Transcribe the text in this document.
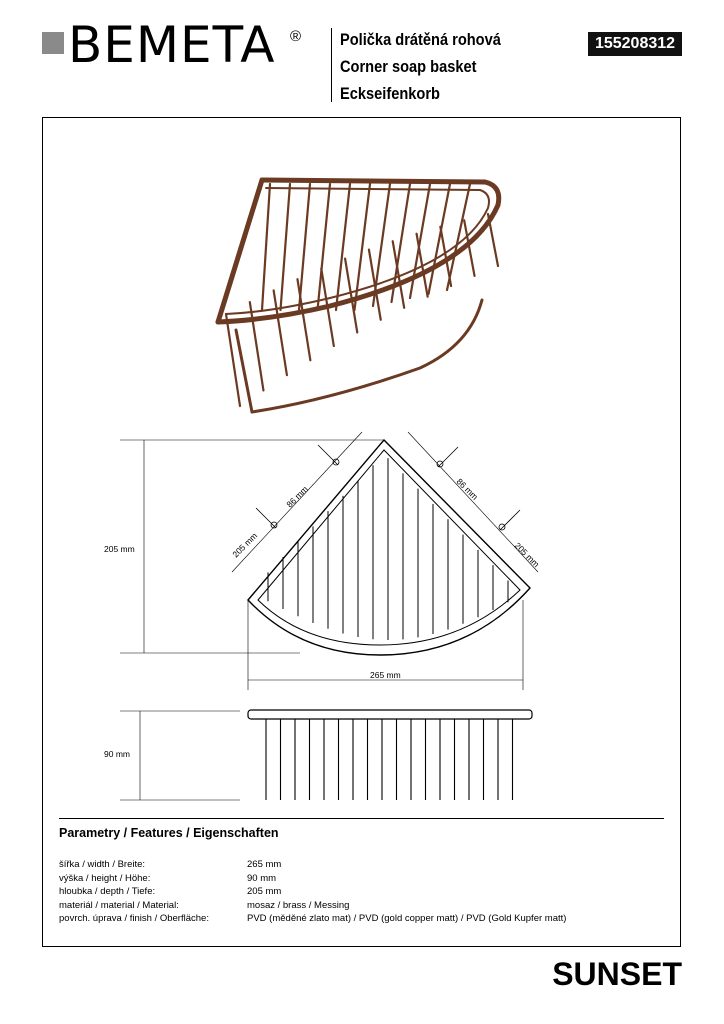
BEMETA ® Polička drátěná rohová
Corner soap basket
Eckseifenkorb
155208312
205 mm	205 mm
86 mm	86 mm
205 mm
265 mm
90 mm
Parametry / Features / Eigenschaften
šířka / width / Breite:	265 mm
výška / height / Höhe:	90 mm
hloubka / depth / Tiefe:	205 mm
materiál / material / Material:	mosaz / brass / Messing
povrch. úprava / finish / Oberfläche:	PVD (měděné zlato mat) / PVD (gold copper matt) / PVD (Gold Kupfer matt)
SUNSET
